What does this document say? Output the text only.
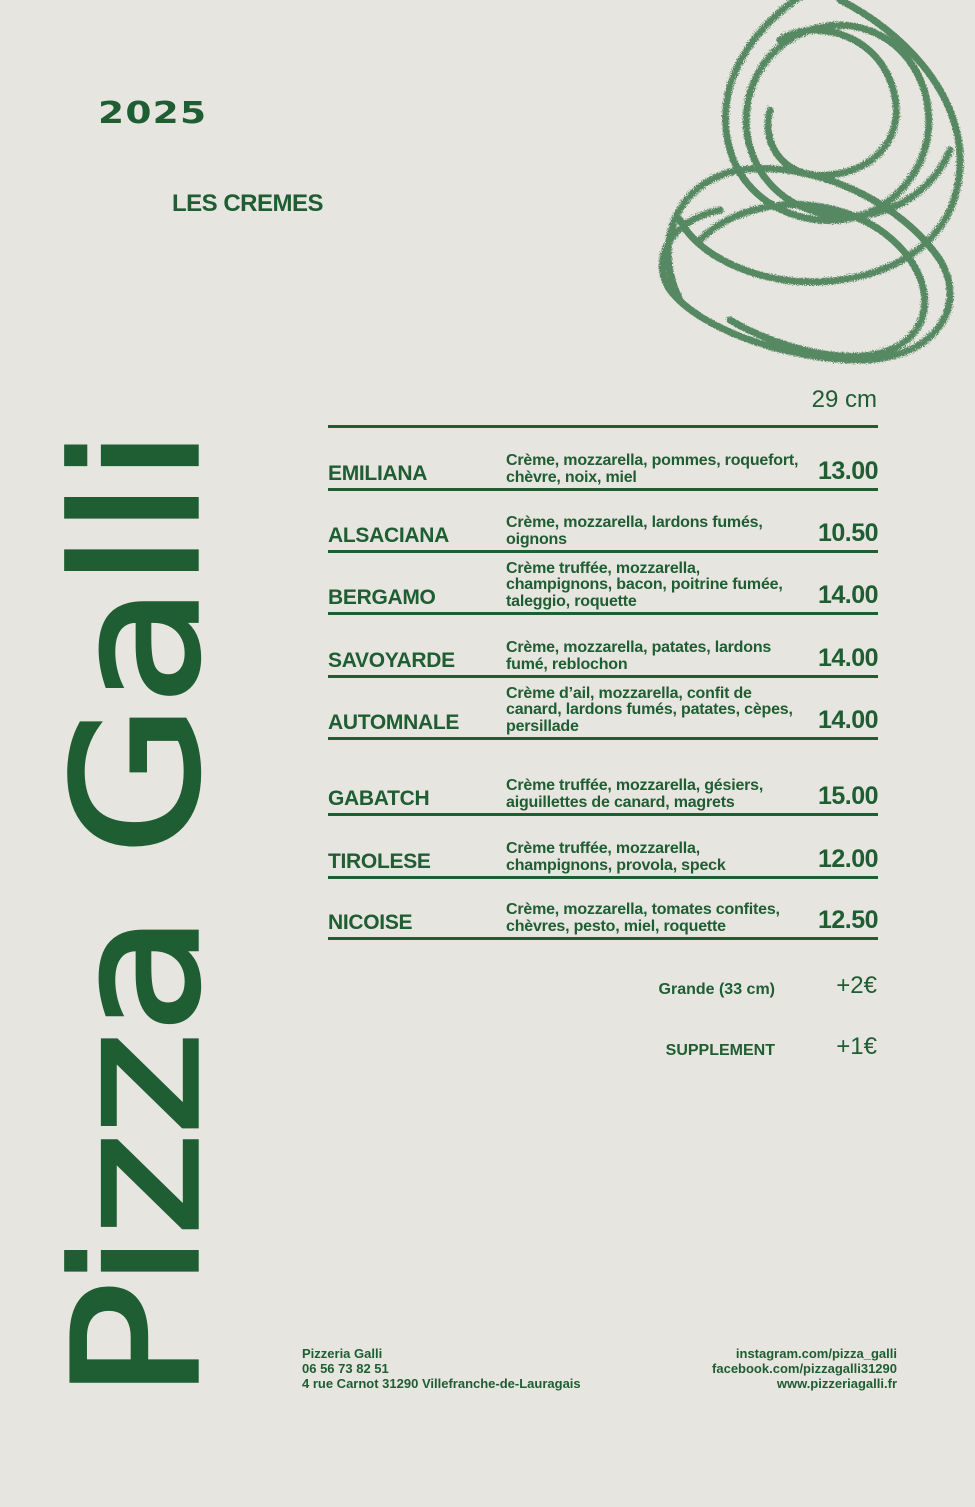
2025
LES CREMES
Pizza Galli
29 cm
EMILIANA
Crème, mozzarella, pommes, roquefort, chèvre, noix, miel	13.00
ALSACIANA
Crème, mozzarella, lardons fumés, oignons	10.50
BERGAMO
Crème truffée, mozzarella, champignons, bacon, poitrine fumée, taleggio, roquette	14.00
SAVOYARDE
Crème, mozzarella, patates, lardons fumé, reblochon	14.00
AUTOMNALE
Crème d’ail, mozzarella, confit de canard, lardons fumés, patates, cèpes, persillade	14.00
GABATCH
Crème truffée, mozzarella, gésiers, aiguillettes de canard, magrets	15.00
TIROLESE
Crème truffée, mozzarella, champignons, provola, speck	12.00
NICOISE
Crème, mozzarella, tomates confites, chèvres, pesto, miel, roquette	12.50
Grande (33 cm)	+2€
SUPPLEMENT	+1€
Pizzeria Galli
06 56 73 82 51
4 rue Carnot 31290 Villefranche-de-Lauragais
instagram.com/pizza_galli
facebook.com/pizzagalli31290
www.pizzeriagalli.fr
